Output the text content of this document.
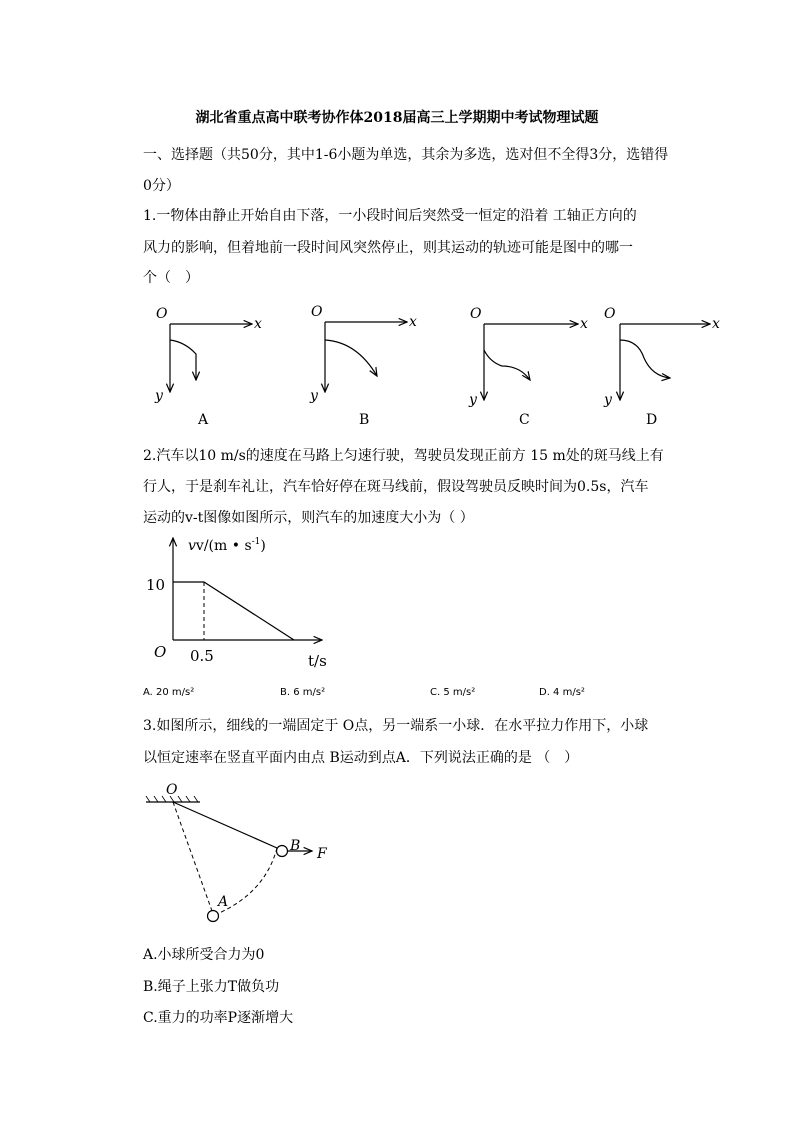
湖北省重点高中联考协作体2018届高三上学期期中考试物理试题
一、选择题（共50分，其中1-6小题为单选，其余为多选，选对但不全得3分，选错得
0分）
1.一物体由静止开始自由下落，一小段时间后突然受一恒定的沿着 工轴正方向的
风力的影响，但着地前一段时间风突然停止，则其运动的轨迹可能是图中的哪一
个（　）
O
x
y
A
O
x
y
B
O
x
y
C
O
x
y
D
2.汽车以10 m/s的速度在马路上匀速行驶，驾驶员发现正前方 15 m处的斑马线上有
行人，于是刹车礼让，汽车恰好停在斑马线前，假设驾驶员反映时间为0.5s，汽车
运动的v-t图像如图所示，则汽车的加速度大小为（ ）
vv/(m • $s^{-1}$)
10
O 0.5	t/s
A. 20 m/s²	B. 6 m/s²	C. 5 m/s²	D. 4 m/s²
3.如图所示，细线的一端固定于 O点，另一端系一小球．在水平拉力作用下，小球
以恒定速率在竖直平面内由点 B运动到点A．下列说法正确的是 （　）
O
B F
A
A.小球所受合力为0
B.绳子上张力T做负功
C.重力的功率P逐渐增大
